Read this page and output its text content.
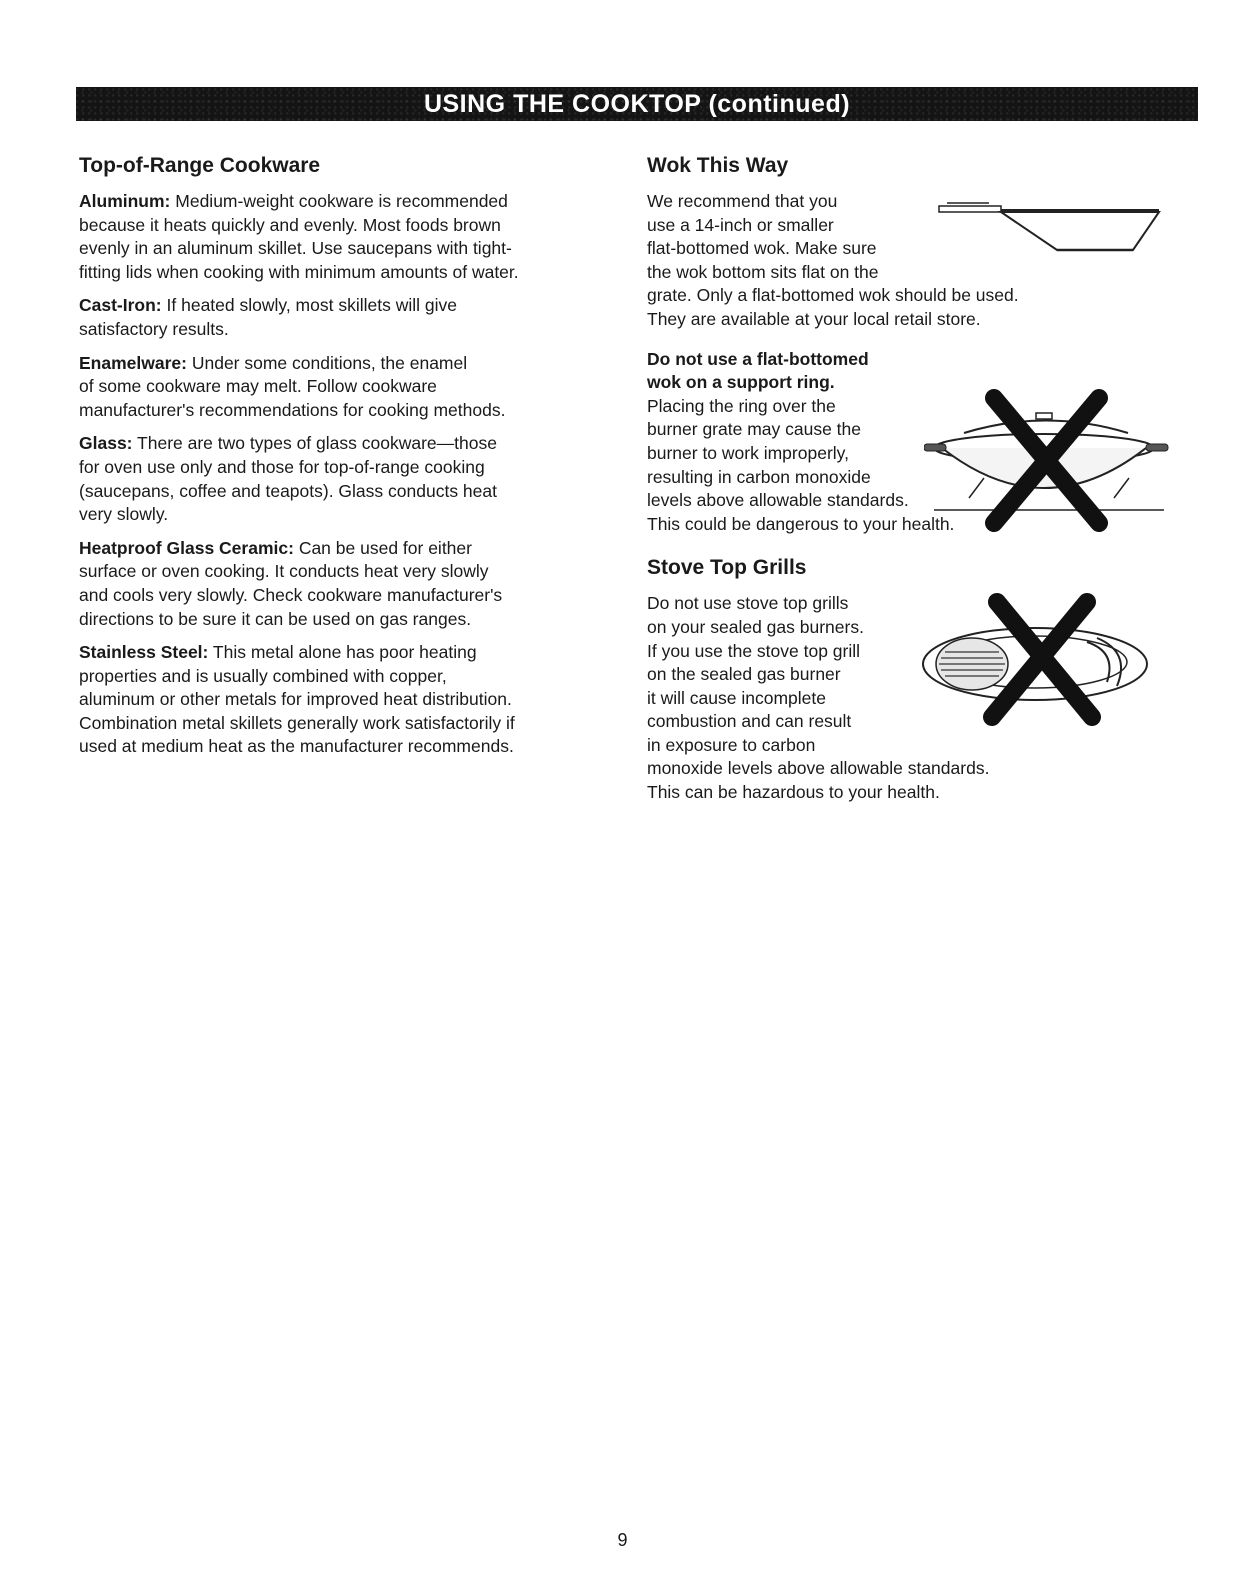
USING THE COOKTOP (continued)
Top-of-Range Cookware

Aluminum: Medium-weight cookware is recommended
because it heats quickly and evenly. Most foods brown
evenly in an aluminum skillet. Use saucepans with tight-
fitting lids when cooking with minimum amounts of water.

Cast-Iron: If heated slowly, most skillets will give
satisfactory results.

Enamelware: Under some conditions, the enamel
of some cookware may melt. Follow cookware
manufacturer's recommendations for cooking methods.

Glass: There are two types of glass cookware—those
for oven use only and those for top-of-range cooking
(saucepans, coffee and teapots). Glass conducts heat
very slowly.

Heatproof Glass Ceramic: Can be used for either
surface or oven cooking. It conducts heat very slowly
and cools very slowly. Check cookware manufacturer's
directions to be sure it can be used on gas ranges.

Stainless Steel: This metal alone has poor heating
properties and is usually combined with copper,
aluminum or other metals for improved heat distribution.
Combination metal skillets generally work satisfactorily if
used at medium heat as the manufacturer recommends.

Wok This Way

We recommend that you
use a 14-inch or smaller
flat-bottomed wok. Make sure
the wok bottom sits flat on the
grate. Only a flat-bottomed wok should be used.
They are available at your local retail store.

Do not use a flat-bottomed
wok on a support ring.
Placing the ring over the
burner grate may cause the
burner to work improperly,
resulting in carbon monoxide
levels above allowable standards.
This could be dangerous to your health.

Stove Top Grills

Do not use stove top grills
on your sealed gas burners.
If you use the stove top grill
on the sealed gas burner
it will cause incomplete
combustion and can result
in exposure to carbon
monoxide levels above allowable standards.
This can be hazardous to your health.

9
